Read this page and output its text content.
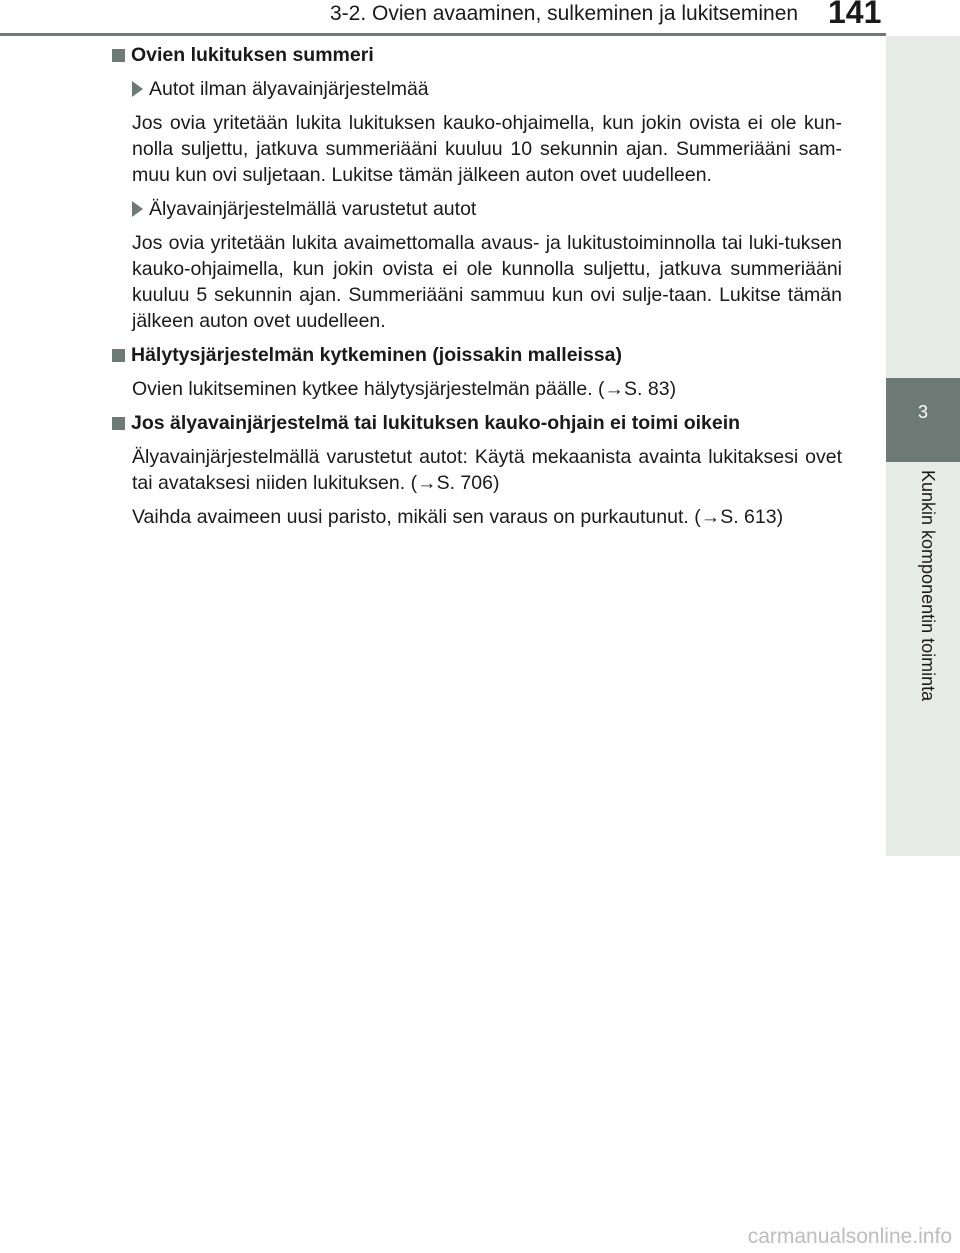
3-2. Ovien avaaminen, sulkeminen ja lukitseminen 141
3
Kunkin komponentin toiminta
Ovien lukituksen summeri
Autot ilman älyavainjärjestelmää

Jos ovia yritetään lukita lukituksen kauko-ohjaimella, kun jokin ovista ei ole kun-nolla suljettu, jatkuva summeriääni kuuluu 10 sekunnin ajan. Summeriääni sam-muu kun ovi suljetaan. Lukitse tämän jälkeen auton ovet uudelleen.

Älyavainjärjestelmällä varustetut autot

Jos ovia yritetään lukita avaimettomalla avaus- ja lukitustoiminnolla tai luki-tuksen kauko-ohjaimella, kun jokin ovista ei ole kunnolla suljettu, jatkuva summeriääni kuuluu 5 sekunnin ajan. Summeriääni sammuu kun ovi sulje-taan. Lukitse tämän jälkeen auton ovet uudelleen.

Hälytysjärjestelmän kytkeminen (joissakin malleissa)

Ovien lukitseminen kytkee hälytysjärjestelmän päälle. (→S. 83)

Jos älyavainjärjestelmä tai lukituksen kauko-ohjain ei toimi oikein

Älyavainjärjestelmällä varustetut autot: Käytä mekaanista avainta lukitaksesi ovet tai avataksesi niiden lukituksen. (→S. 706)

Vaihda avaimeen uusi paristo, mikäli sen varaus on purkautunut. (→S. 613)

carmanualsonline.info
